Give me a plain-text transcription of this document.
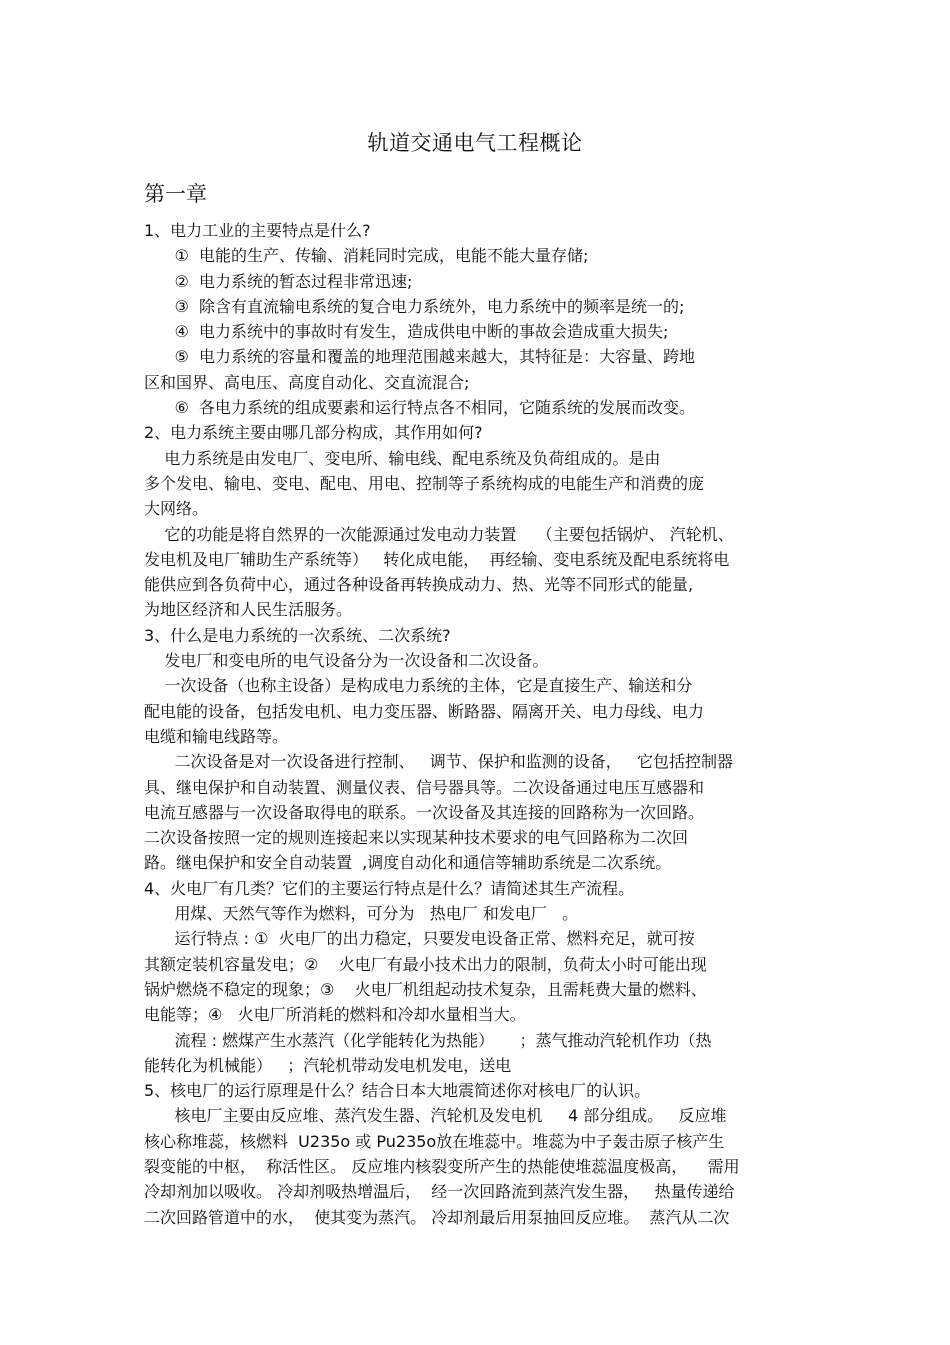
轨道交通电气工程概论
第一章
1、电力工业的主要特点是什么?
①  电能的生产、传输、消耗同时完成，电能不能大量存储;
②  电力系统的暂态过程非常迅速;
③  除含有直流输电系统的复合电力系统外，电力系统中的频率是统一的;
④  电力系统中的事故时有发生，造成供电中断的事故会造成重大损失;
⑤  电力系统的容量和覆盖的地理范围越来越大，其特征是：大容量、跨地
区和国界、高电压、高度自动化、交直流混合;
⑥  各电力系统的组成要素和运行特点各不相同，它随系统的发展而改变。
2、电力系统主要由哪几部分构成，其作用如何?
电力系统是由发电厂、变电所、输电线、配电系统及负荷组成的。是由
多个发电、输电、变电、配电、用电、控制等子系统构成的电能生产和消费的庞
大网络。
它的功能是将自然界的一次能源通过发电动力装置    （主要包括锅炉、 汽轮机、
发电机及电厂辅助生产系统等）   转化成电能，  再经输、变电系统及配电系统将电
能供应到各负荷中心，通过各种设备再转换成动力、热、光等不同形式的能量,
为地区经济和人民生活服务。
3、什么是电力系统的一次系统、二次系统?
发电厂和变电所的电气设备分为一次设备和二次设备。
一次设备（也称主设备）是构成电力系统的主体，它是直接生产、输送和分
配电能的设备，包括发电机、电力变压器、断路器、隔离开关、电力母线、电力
电缆和输电线路等。
二次设备是对一次设备进行控制、   调节、保护和监测的设备，   它包括控制器
具、继电保护和自动装置、测量仪表、信号器具等。二次设备通过电压互感器和
电流互感器与一次设备取得电的联系。一次设备及其连接的回路称为一次回路。
二次设备按照一定的规则连接起来以实现某种技术要求的电气回路称为二次回
路。继电保护和安全自动装置  ,调度自动化和通信等辅助系统是二次系统。
4、火电厂有几类？它们的主要运行特点是什么？请简述其生产流程。
用煤、天然气等作为燃料，可分为   热电厂 和发电厂   。
运行特点 : ①  火电厂的出力稳定，只要发电设备正常、燃料充足，就可按
其额定装机容量发电；②    火电厂有最小技术出力的限制，负荷太小时可能出现
锅炉燃烧不稳定的现象；③    火电厂机组起动技术复杂，且需耗费大量的燃料、
电能等；④   火电厂所消耗的燃料和冷却水量相当大。
流程 : 燃煤产生水蒸汽（化学能转化为热能）     ；蒸气推动汽轮机作功（热
能转化为机械能）   ；汽轮机带动发电机发电，送电
5、核电厂的运行原理是什么？结合日本大地震简述你对核电厂的认识。
核电厂主要由反应堆、蒸汽发生器、汽轮机及发电机     4 部分组成。   反应堆
核心称堆蕊，核燃料  U235o 或 Pu235o放在堆蕊中。堆蕊为中子轰击原子核产生
裂变能的中枢，  称活性区。 反应堆内核裂变所产生的热能使堆蕊温度极高，    需用
冷却剂加以吸收。 冷却剂吸热增温后，  经一次回路流到蒸汽发生器，   热量传递给
二次回路管道中的水，  使其变为蒸汽。 冷却剂最后用泵抽回反应堆。  蒸汽从二次
